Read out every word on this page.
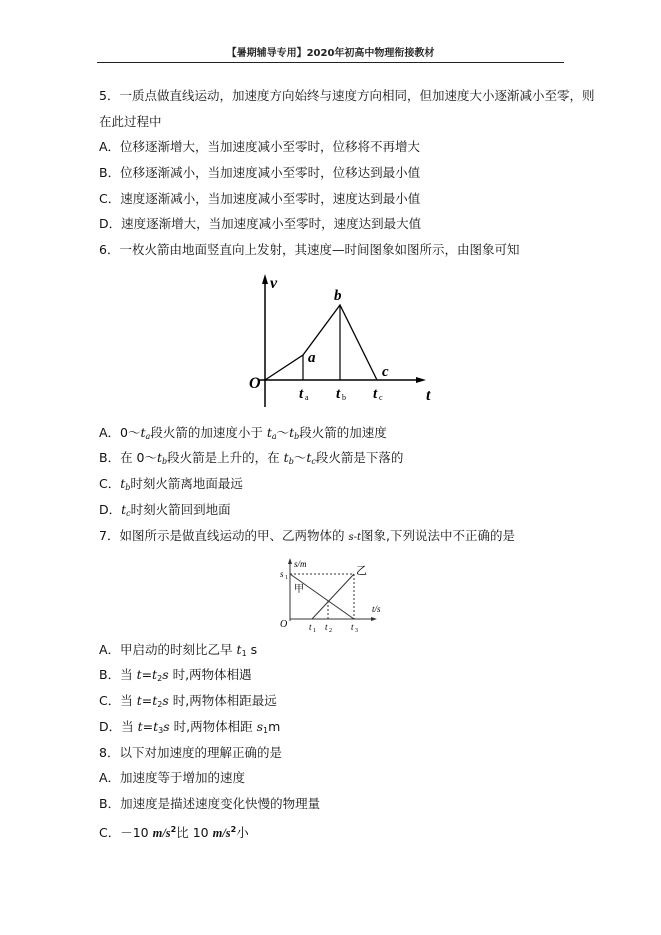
【暑期辅导专用】2020年初高中物理衔接教材
5．一质点做直线运动，加速度方向始终与速度方向相同，但加速度大小逐渐减小至零，则
在此过程中
A．位移逐渐增大，当加速度减小至零时，位移将不再增大
B．位移逐渐减小，当加速度减小至零时，位移达到最小值
C．速度逐渐减小，当加速度减小至零时，速度达到最小值
D．速度逐渐增大，当加速度减小至零时，速度达到最大值
6．一枚火箭由地面竖直向上发射，其速度—时间图象如图所示，由图象可知
v
t
O
a
b
c
t a t b t c
A．$0\sim t_a$段火箭的加速度小于 $t_a\sim t_b$段火箭的加速度
B．在 $0\sim t_b$段火箭是上升的，在 $t_b\sim t_c$段火箭是下落的
C．$t_b$时刻火箭离地面最远
D．$t_c$时刻火箭回到地面
7．如图所示是做直线运动的甲、乙两物体的 s-t图象,下列说法中不正确的是
s/m
t/s
O
s 1
甲
乙
t 1 t 2 t 3
A．甲启动的时刻比乙早 $t_1$ s
B．当 $t=t_2s$ 时,两物体相遇
C．当 $t=t_2s$ 时,两物体相距最远
D．当 $t=t_3s$ 时,两物体相距 $s_1m$
8．以下对加速度的理解正确的是
A．加速度等于增加的速度
B．加速度是描述速度变化快慢的物理量
C．－10 $m/s^2$比 10 $m/s^2$小
